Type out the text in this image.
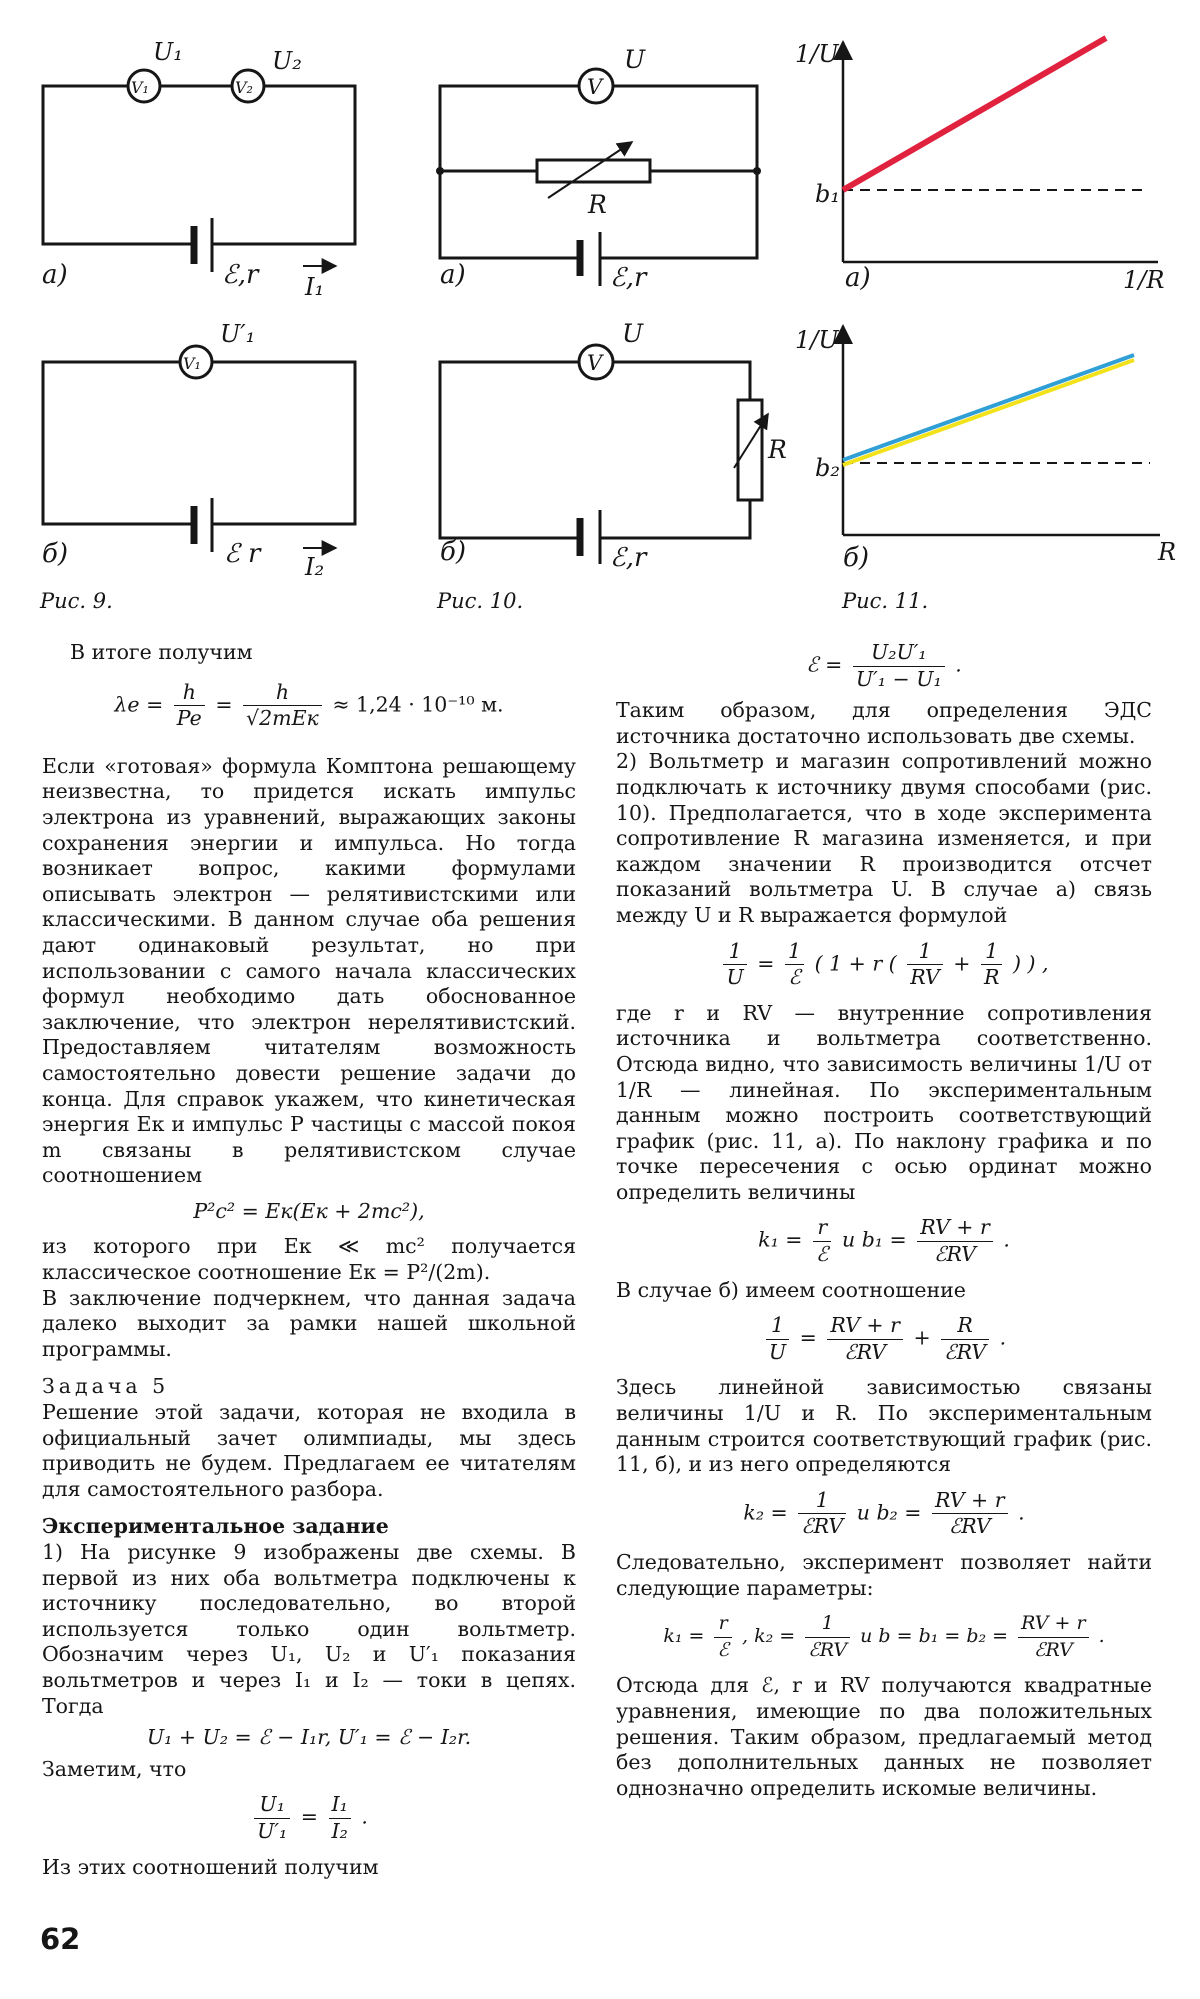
V₁	V₂
U₁	U₂
ℰ,r I₁
а)
V₁
U′₁
ℰ r I₂
б)
Рис. 9.
V
U
R
ℰ,r
а)
V
U
R
ℰ,r
б)
Рис. 10.
1/U
1/R
b₁
а)
1/U
R
b₂
б)
Рис. 11.

В итоге получим

$\lambda e = \frac{h}{Pe} = \frac{h}{\text{√2mEк}} \approx 1,24 \cdot 10^{-10}$ м.

Если «готовая» формула Комптона решающему неизвестна, то придется искать импульс электрона из уравнений, выражающих законы сохранения энергии и импульса. Но тогда возникает вопрос, какими формулами описывать электрон — релятивистскими или классическими. В данном случае оба решения дают одинаковый результат, но при использовании с самого начала классических формул необходимо дать обоснованное заключение, что электрон нерелятивистский. Предоставляем читателям возможность самостоятельно довести решение задачи до конца. Для справок укажем, что кинетическая энергия Eк и импульс P частицы с массой покоя m связаны в релятивистском случае соотношением

P²c² = Eк(Eк + 2mc²),

из которого при Eк ≪ mc² получается классическое соотношение Eк = P²/(2m).

В заключение подчеркнем, что данная задача далеко выходит за рамки нашей школьной программы.

Задача 5

Решение этой задачи, которая не входила в официальный зачет олимпиады, мы здесь приводить не будем. Предлагаем ее читателям для самостоятельного разбора.

Экспериментальное задание

1) На рисунке 9 изображены две схемы. В первой из них оба вольтметра подключены к источнику последовательно, во второй используется только один вольтметр. Обозначим через U₁, U₂ и U′₁ показания вольтметров и через I₁ и I₂ — токи в цепях. Тогда

U₁ + U₂ = ℰ − I₁r, U′₁ = ℰ − I₂r.

Заметим, что

$\frac{\text{U₁}}{\text{U′₁}} = \frac{\text{I₁}}{\text{I₂}}$ .

Из этих соотношений получим

ℰ = $\frac{\text{U₂U′₁}}{\text{U′₁ − U₁}}$ .

Таким образом, для определения ЭДС источника достаточно использовать две схемы.

2) Вольтметр и магазин сопротивлений можно подключать к источнику двумя способами (рис. 10). Предполагается, что в ходе эксперимента сопротивление R магазина изменяется, и при каждом значении R производится отсчет показаний вольтметра U. В случае а) связь между U и R выражается формулой

$\frac{1}{U} = \frac{1}{\text{ℰ}}$ ( 1 + r ( $\frac{1}{RV} + \frac{1}{R}$ ) ) ,

где r и RV — внутренние сопротивления источника и вольтметра соответственно. Отсюда видно, что зависимость величины 1/U от 1/R — линейная. По экспериментальным данным можно построить соответствующий график (рис. 11, а). По наклону графика и по точке пересечения с осью ординат можно определить величины

$k_1 = \frac{r}{\text{ℰ}}$ и $b_1 = \frac{RV + r}{\text{ℰRV}}$ .

В случае б) имеем соотношение

$\frac{1}{U} = \frac{RV + r}{\text{ℰRV}} + \frac{R}{\text{ℰRV}}$ .

Здесь линейной зависимостью связаны величины 1/U и R. По экспериментальным данным строится соответствующий график (рис. 11, б), и из него определяются

$k_2 = \frac{1}{\text{ℰRV}}$ и $b_2 = \frac{RV + r}{\text{ℰRV}}$ .

Следовательно, эксперимент позволяет найти следующие параметры:

$k_1 = \frac{r}{\text{ℰ}}$ , $k_2 = \frac{1}{\text{ℰRV}}$ и $b = b_1 = b_2 = \frac{RV + r}{\text{ℰRV}}$ .

Отсюда для ℰ, r и RV получаются квадратные уравнения, имеющие по два положительных решения. Таким образом, предлагаемый метод без дополнительных данных не позволяет однозначно определить искомые величины.

62
